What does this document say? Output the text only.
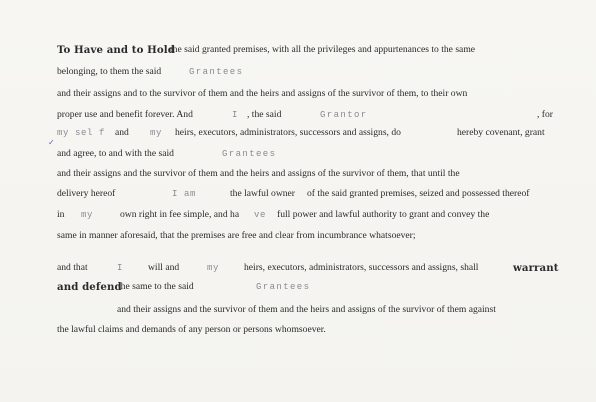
To Have and to Hold
the said granted premises, with all the privileges and appurtenances to the same
belonging, to them the said	Grantees
and their assigns and to the survivor of them and the heirs and assigns of the survivor of them, to their own
proper use and benefit forever. And	I , the said	Grantor	, for
my sel f and my heirs, executors, administrators, successors and assigns, do	hereby covenant, grant
and agree, to and with the said	Grantees
✓
and their assigns and the survivor of them and the heirs and assigns of the survivor of them, that until the
delivery hereof	I am	the lawful owner of the said granted premises, seized and possessed thereof
in my	own right in fee simple, and ha ve full power and lawful authority to grant and convey the
same in manner aforesaid, that the premises are free and clear from incumbrance whatsoever;
and that	I	will and	my	heirs, executors, administrators, successors and assigns, shall	warrant
and defend
the same to the said	Grantees
and their assigns and the survivor of them and the heirs and assigns of the survivor of them against
the lawful claims and demands of any person or persons whomsoever.
